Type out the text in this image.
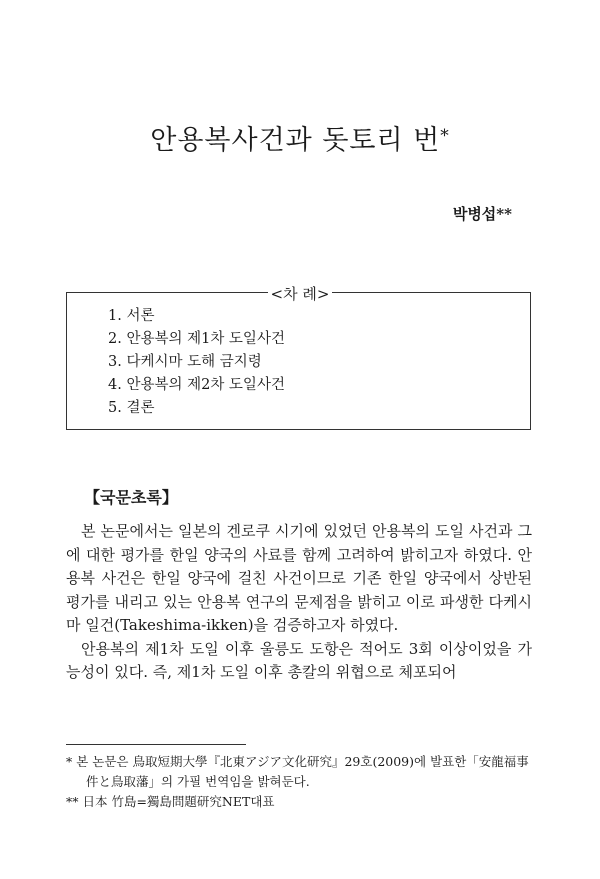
안용복사건과 돗토리 번*
박병섭**
<차 례>
1. 서론
2. 안용복의 제1차 도일사건
3. 다케시마 도해 금지령
4. 안용복의 제2차 도일사건
5. 결론
【국문초록】

본 논문에서는 일본의 겐로쿠 시기에 있었던 안용복의 도일 사건과 그에 대한 평가를 한일 양국의 사료를 함께 고려하여 밝히고자 하였다. 안용복 사건은 한일 양국에 걸친 사건이므로 기존 한일 양국에서 상반된 평가를 내리고 있는 안용복 연구의 문제점을 밝히고 이로 파생한 다케시마 일건(Takeshima-ikken)을 검증하고자 하였다.

안용복의 제1차 도일 이후 울릉도 도항은 적어도 3회 이상이었을 가능성이 있다. 즉, 제1차 도일 이후 총칼의 위협으로 체포되어

* 본 논문은 鳥取短期大學『北東アジア文化研究』29호(2009)에 발표한「安龍福事件と鳥取藩」의 가필 번역임을 밝혀둔다.

** 日本 竹島=獨島問題研究NET대표
